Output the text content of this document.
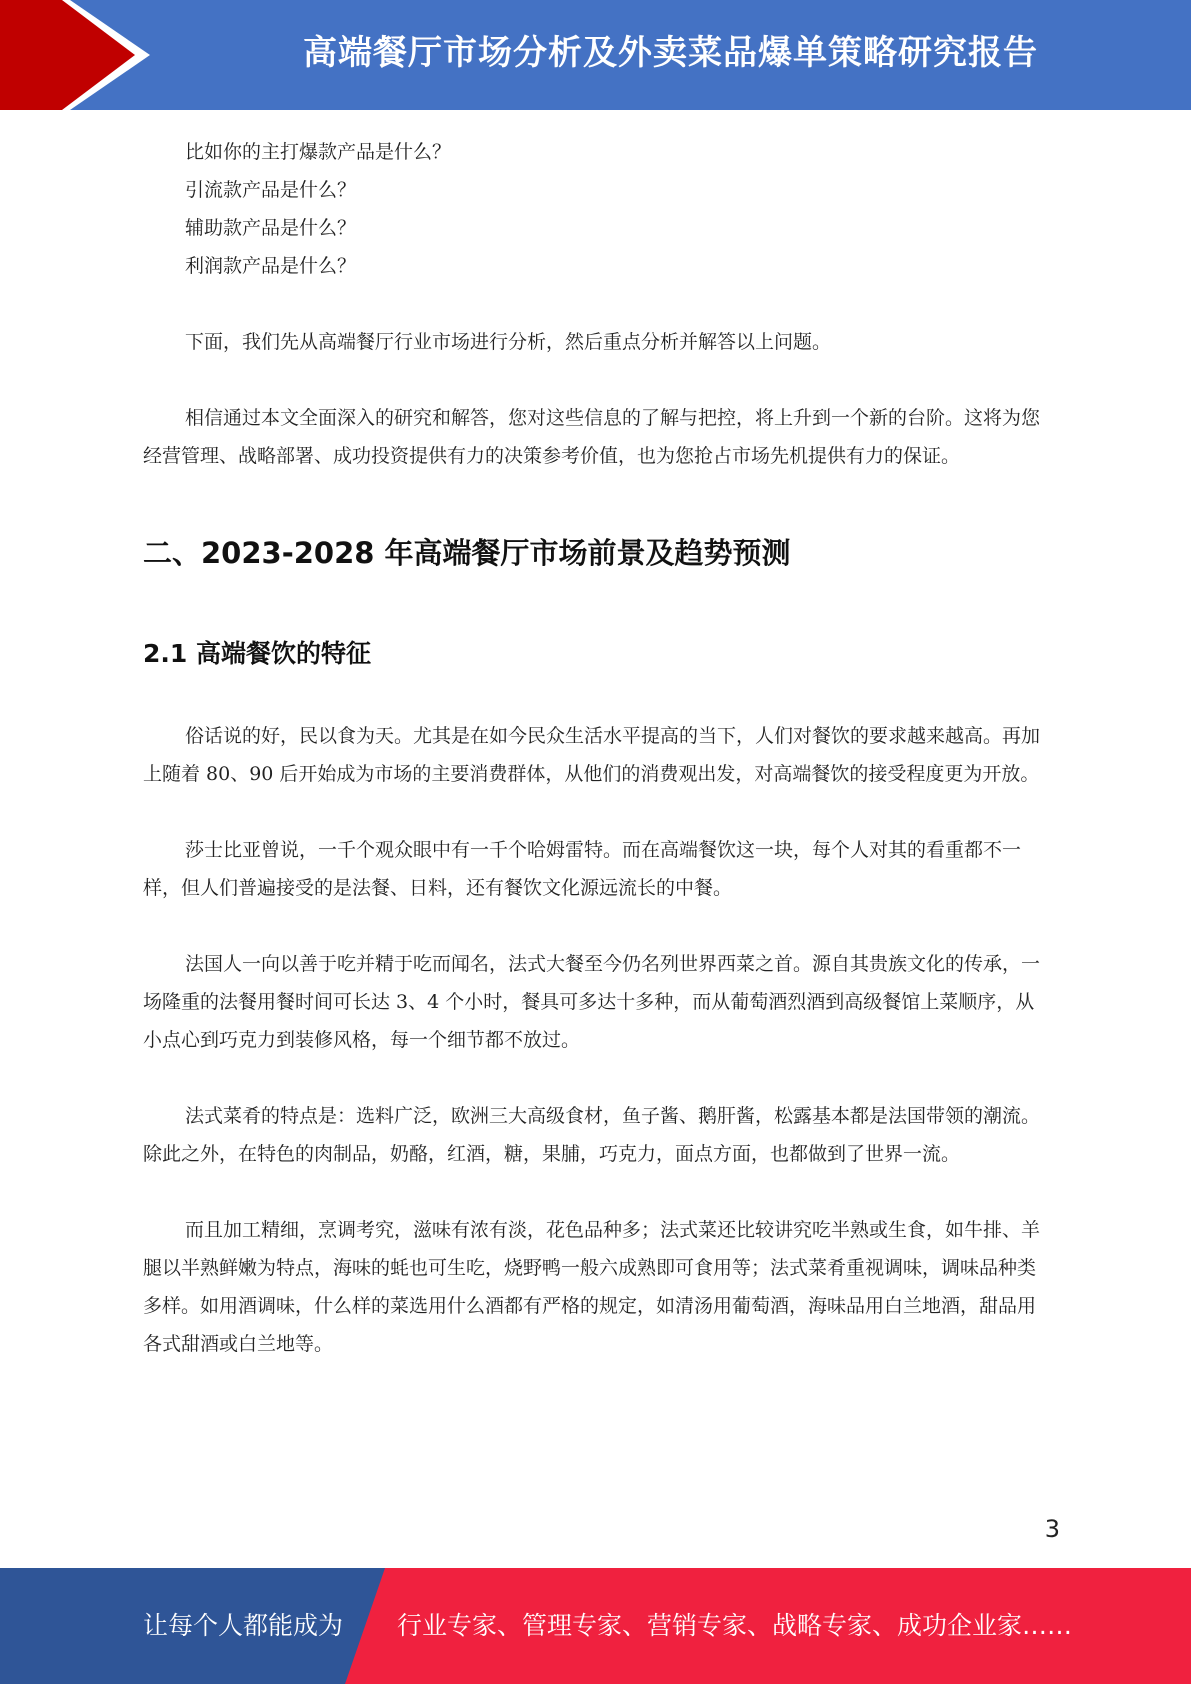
高端餐厅市场分析及外卖菜品爆单策略研究报告
比如你的主打爆款产品是什么？
引流款产品是什么？
辅助款产品是什么？
利润款产品是什么？

下面，我们先从高端餐厅行业市场进行分析，然后重点分析并解答以上问题。

相信通过本文全面深入的研究和解答，您对这些信息的了解与把控，将上升到一个新的台阶。这将为您经营管理、战略部署、成功投资提供有力的决策参考价值，也为您抢占市场先机提供有力的保证。

二、2023-2028 年高端餐厅市场前景及趋势预测
2.1 高端餐饮的特征

俗话说的好，民以食为天。尤其是在如今民众生活水平提高的当下，人们对餐饮的要求越来越高。再加上随着 80、90 后开始成为市场的主要消费群体，从他们的消费观出发，对高端餐饮的接受程度更为开放。

莎士比亚曾说，一千个观众眼中有一千个哈姆雷特。而在高端餐饮这一块，每个人对其的看重都不一样，但人们普遍接受的是法餐、日料，还有餐饮文化源远流长的中餐。

法国人一向以善于吃并精于吃而闻名，法式大餐至今仍名列世界西菜之首。源自其贵族文化的传承，一场隆重的法餐用餐时间可长达 3、4 个小时，餐具可多达十多种，而从葡萄酒烈酒到高级餐馆上菜顺序，从小点心到巧克力到装修风格，每一个细节都不放过。

法式菜肴的特点是：选料广泛，欧洲三大高级食材，鱼子酱、鹅肝酱，松露基本都是法国带领的潮流。除此之外，在特色的肉制品，奶酪，红酒，糖，果脯，巧克力，面点方面，也都做到了世界一流。

而且加工精细，烹调考究，滋味有浓有淡，花色品种多；法式菜还比较讲究吃半熟或生食，如牛排、羊腿以半熟鲜嫩为特点，海味的蚝也可生吃，烧野鸭一般六成熟即可食用等；法式菜肴重视调味，调味品种类多样。如用酒调味，什么样的菜选用什么酒都有严格的规定，如清汤用葡萄酒，海味品用白兰地酒，甜品用各式甜酒或白兰地等。

3
让每个人都能成为 行业专家、管理专家、营销专家、战略专家、成功企业家……
